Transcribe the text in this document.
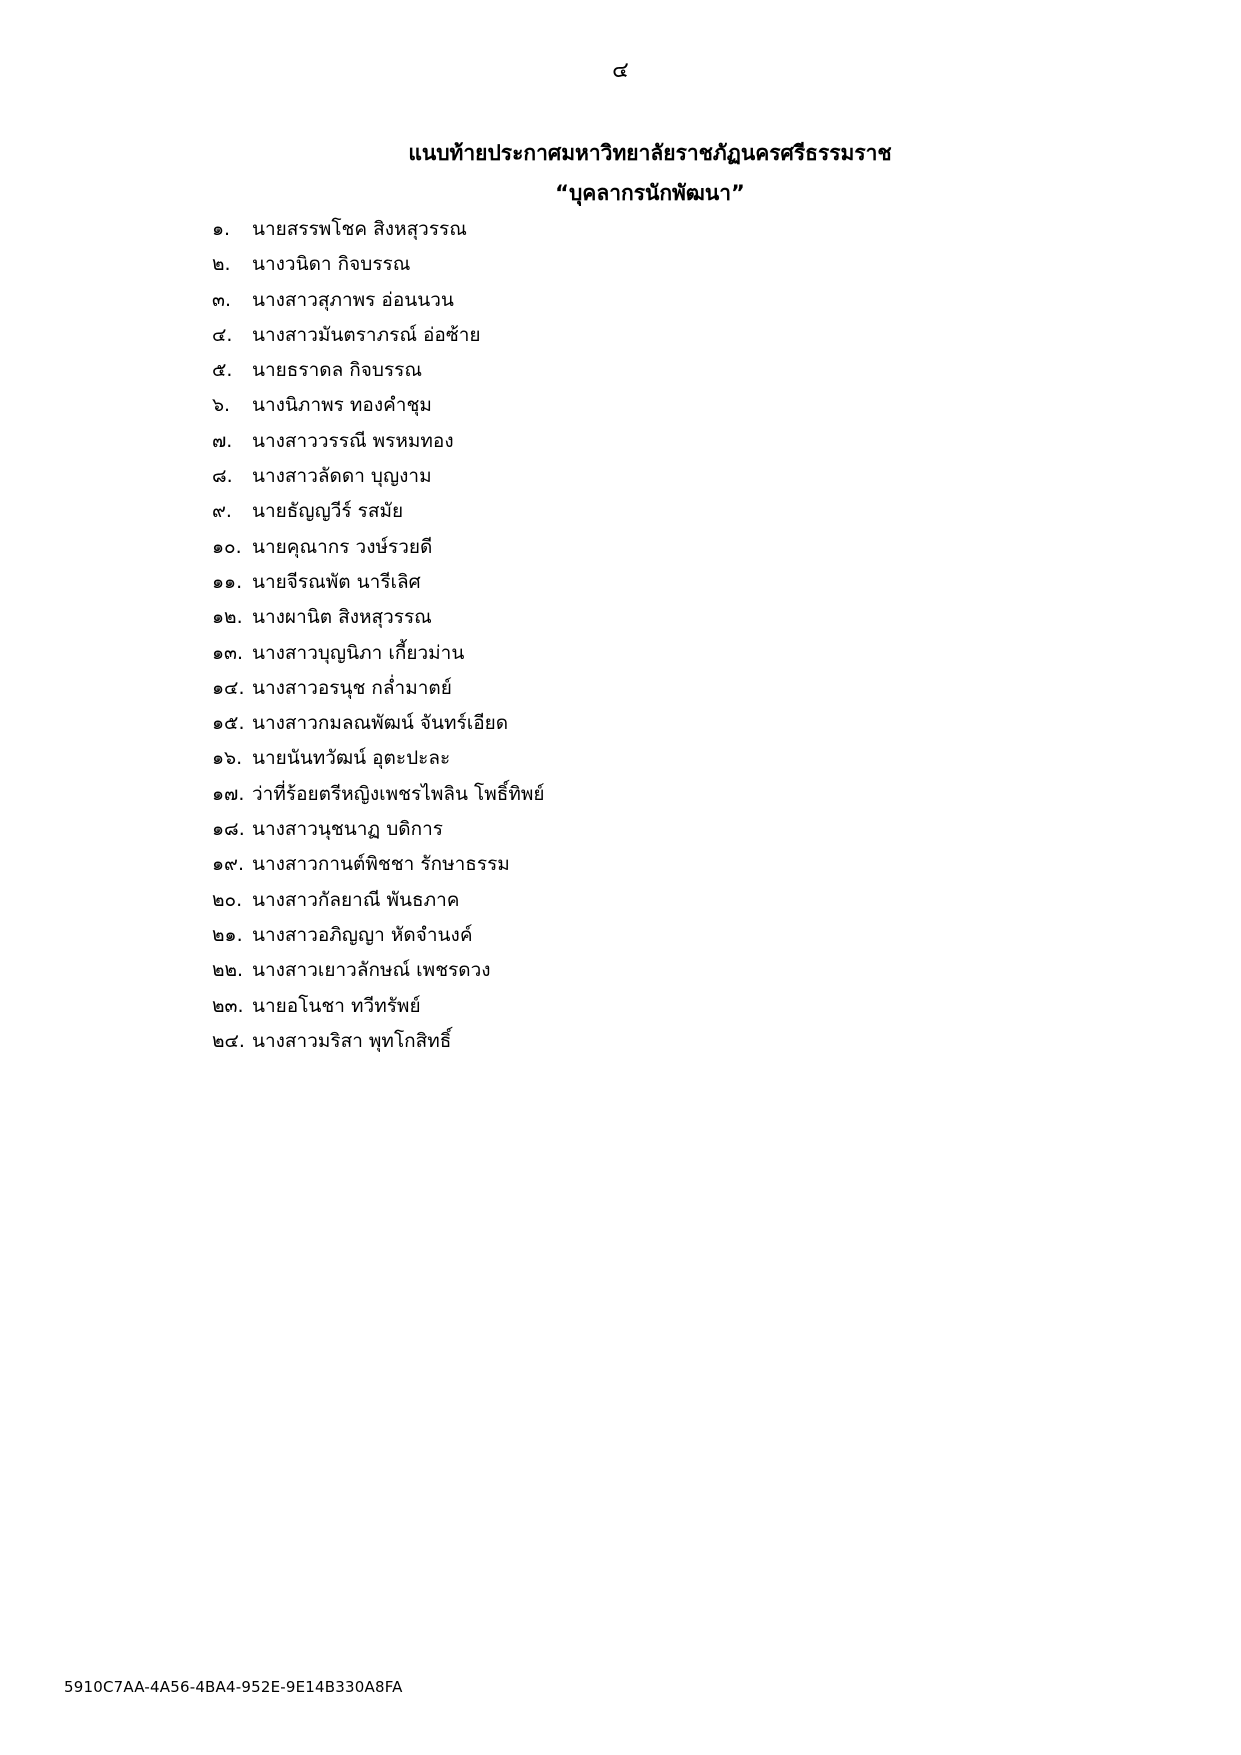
๔
แนบท้ายประกาศมหาวิทยาลัยราชภัฏนครศรีธรรมราช
“บุคลากรนักพัฒนา”
๑.	นายสรรพโชค สิงหสุวรรณ
๒.	นางวนิดา กิจบรรณ
๓.	นางสาวสุภาพร อ่อนนวน
๔.	นางสาวมันตราภรณ์ อ่อซ้าย
๕.	นายธราดล กิจบรรณ
๖.	นางนิภาพร ทองคำชุม
๗.	นางสาววรรณี พรหมทอง
๘.	นางสาวลัดดา บุญงาม
๙.	นายธัญญวีร์ รสมัย
๑๐. นายคุณากร วงษ์รวยดี
๑๑. นายจีรณพัต นารีเลิศ
๑๒. นางผานิต สิงหสุวรรณ
๑๓. นางสาวบุญนิภา เกี้ยวม่าน
๑๔. นางสาวอรนุช กล่ำมาตย์
๑๕. นางสาวกมลณพัฒน์ จันทร์เอียด
๑๖. นายนันทวัฒน์ อุตะปะละ
๑๗. ว่าที่ร้อยตรีหญิงเพชรไพลิน โพธิ์ทิพย์
๑๘. นางสาวนุชนาฏ บดิการ
๑๙. นางสาวกานต์พิชชา รักษาธรรม
๒๐. นางสาวกัลยาณี พันธภาค
๒๑. นางสาวอภิญญา หัดจำนงค์
๒๒. นางสาวเยาวลักษณ์ เพชรดวง
๒๓. นายอโนชา ทวีทรัพย์
๒๔. นางสาวมริสา พุทโกสิทธิ์
5910C7AA-4A56-4BA4-952E-9E14B330A8FA
